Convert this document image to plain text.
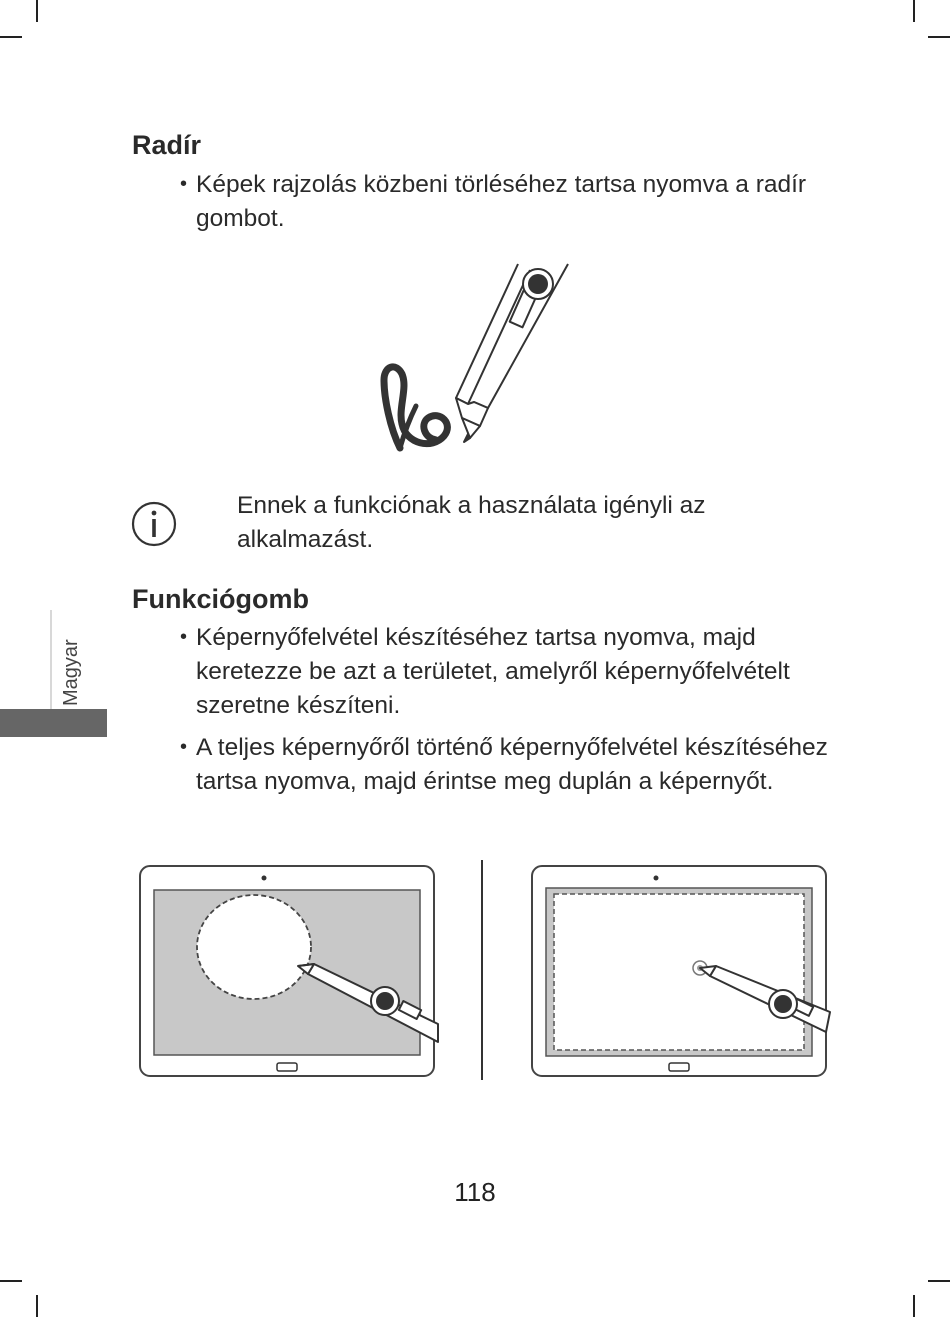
Radír
• Képek rajzolás közbeni törléséhez tartsa nyomva a radír gombot.
Ennek a funkciónak a használata igényli az alkalmazást.
Funkciógomb
• Képernyőfelvétel készítéséhez tartsa nyomva, majd keretezze be azt a területet, amelyről képernyőfelvételt szeretne készíteni.
• A teljes képernyőről történő képernyőfelvétel készítéséhez tartsa nyomva, majd érintse meg duplán a képernyőt.
Magyar
118
